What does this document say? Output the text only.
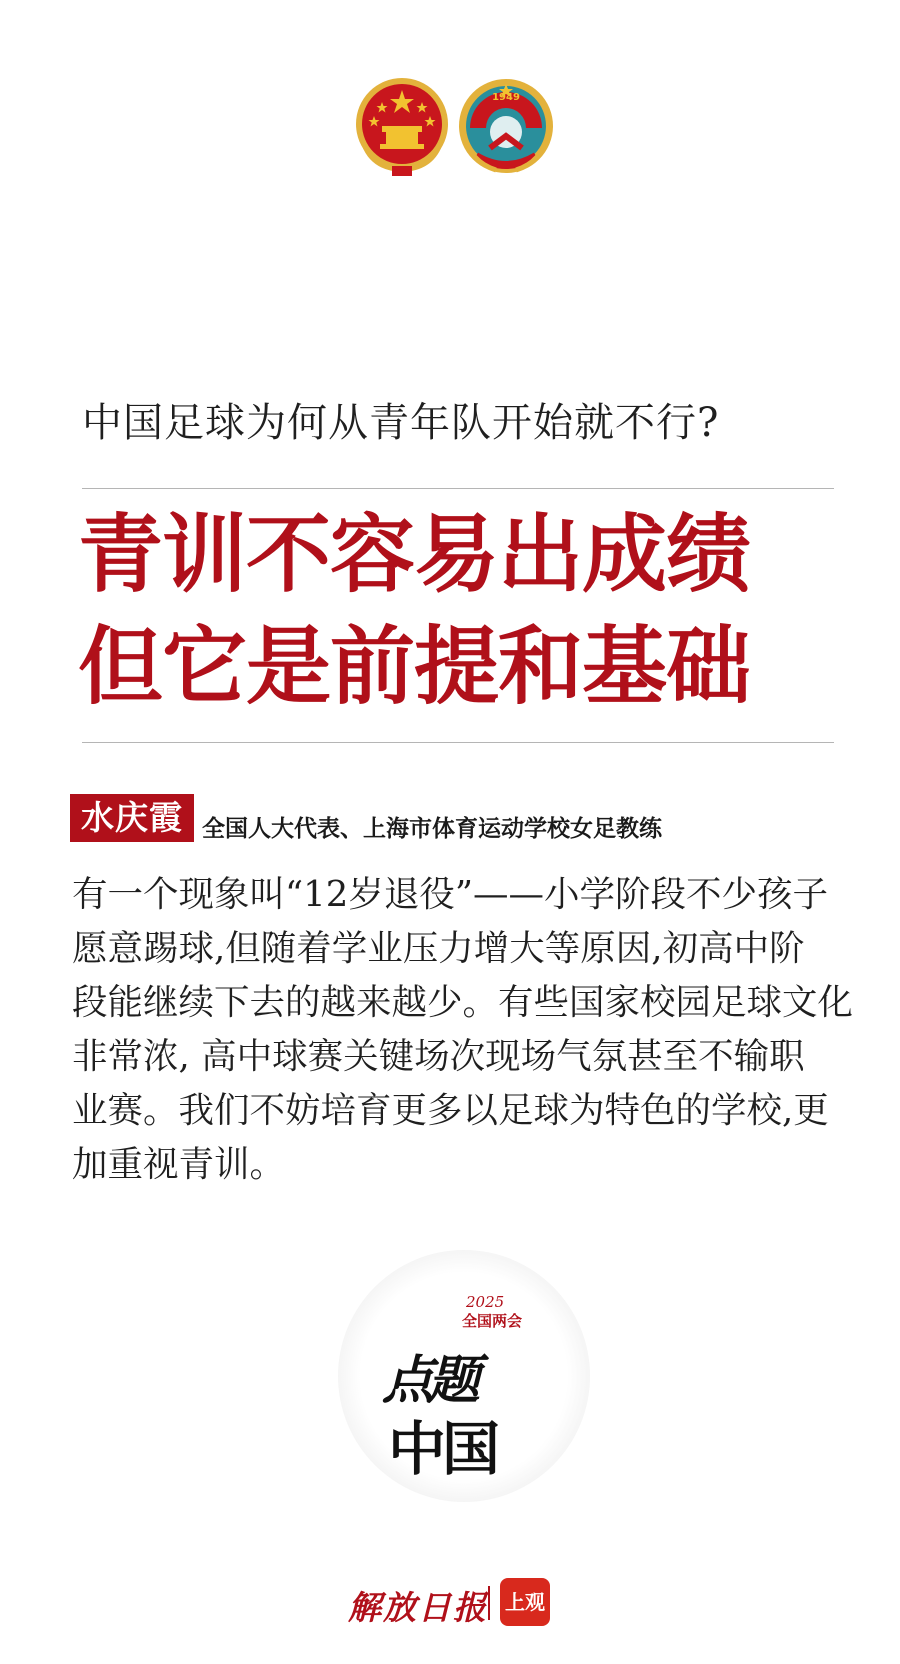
1949
中国足球为何从青年队开始就不行?
青训不容易出成绩
但它是前提和基础
水庆霞 全国人大代表、上海市体育运动学校女足教练
有一个现象叫“12岁退役”——小学阶段不少孩子
愿意踢球,但随着学业压力增大等原因,初高中阶
段能继续下去的越来越少。有些国家校园足球文化
非常浓, 高中球赛关键场次现场气氛甚至不输职
业赛。我们不妨培育更多以足球为特色的学校,更
加重视青训。
2025
全国两会
点题
中国
解放日报 上观
